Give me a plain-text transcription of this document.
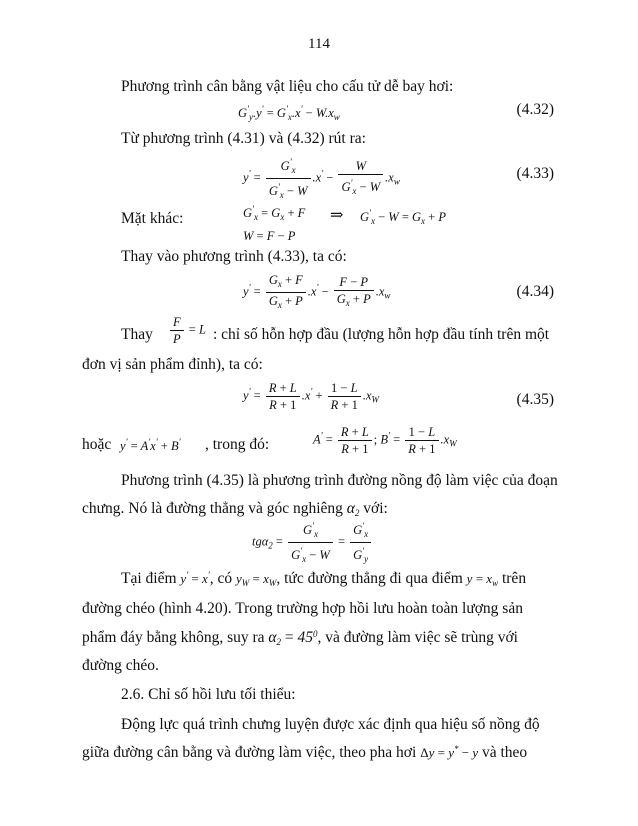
114
Phương trình cân bằng vật liệu cho cấu tử dễ bay hơi:
$G'_y.y' = G'_x.x' - W.x_w$	(4.32)
Từ phương trình (4.31) và (4.32) rút ra:
$y' = \frac{G'_x}{G'_x - W} .x' - \frac{W}{G'_x - W} .x_w$	(4.33)
Mặt khác:	$G'_x = G_x + F$
W = F − P
⇒ $G'_x - W = G_x + P$
Thay vào phương trình (4.33), ta có:
$y' = \frac{G_x + F}{G_x + P} .x' - \frac{F - P}{G_x + P} .x_w$	(4.34)
Thay $\frac{F}{P} = L$ : chỉ số hỗn hợp đầu (lượng hỗn hợp đầu tính trên một
đơn vị sản phẩm đỉnh), ta có:
$y' = \frac{R + L}{R + 1} .x' + \frac{1 - L}{R + 1} .x_W$	(4.35)
hoặc y' = A'x' + B' , trong đó:	$A' = \frac{R + L}{R + 1}$ ; $B' = \frac{1 - L}{R + 1} .x_W$
Phương trình (4.35) là phương trình đường nồng độ làm việc của đoạn
chưng. Nó là đường thẳng và góc nghiêng $\alpha_2$ với:
$tg\alpha_2 = \frac{G'_x}{G'_x - W} = \frac{G'_x}{G'_y}$
Tại điểm y' = x', có $y_W = x_W$, tức đường thẳng đi qua điểm $y = x_w$ trên
đường chéo (hình 4.20). Trong trường hợp hồi lưu hoàn toàn lượng sản
phẩm đáy bằng không, suy ra $\alpha_2 = 45^0$, và đường làm việc sẽ trùng với
đường chéo.
2.6. Chỉ số hồi lưu tối thiểu:
Động lực quá trình chưng luyện được xác định qua hiệu số nồng độ
giữa đường cân bằng và đường làm việc, theo pha hơi Δy = y* − y và theo
